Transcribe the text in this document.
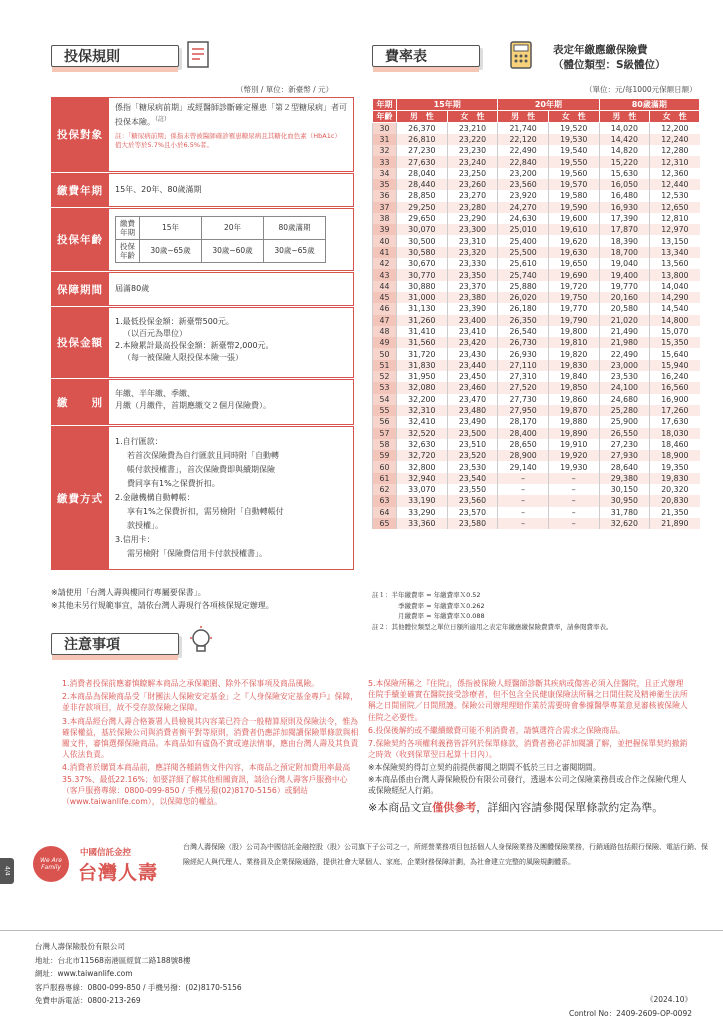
投保規則
（幣別 / 單位：新臺幣 / 元）
費率表	表定年繳應繳保險費
（體位類型：S級體位）
（單位：元/每1000元保額日額）
投保對象
係指「糖尿病前期」或經醫師診斷確定罹患「第２型糖尿病」者可投保本險。$^{(註)}$
註：「糖尿病前期」係指未曾被醫師確診罹患糖尿病且其糖化血色素（HbA1c）值大於等於5.7%且小於6.5%者。
繳費年期	15年、20年、80歲滿期
投保年齡
繳費年期	15年	20年	80歲滿期
投保年齡	30歲~65歲	30歲~60歲	30歲~65歲
保障期間	屆滿80歲
投保金額
1.最低投保金額：新臺幣500元。
（以百元為單位）
2.本險累計最高投保金額：新臺幣2,000元。
（每一被保險人限投保本險一張）
繳　　別
年繳、半年繳、季繳、
月繳（月繳件，首期應繳交２個月保險費）。
繳費方式
1.自行匯款：
若首次保險費為自行匯款且同時附「自動轉
帳付款授權書」，首次保險費即與續期保險
費同享有1%之保費折扣。
2.金融機構自動轉帳：
享有1%之保費折扣，需另檢附「自動轉帳付
款授權」。
3.信用卡：
需另檢附「保險費信用卡付款授權書」。
※請使用「台灣人壽與樓同行專屬要保書」。
※其他未另行規範事宜，請依台灣人壽現行各項核保規定辦理。
年期	15年期		20年期		80歲滿期	
年齡	男　性	女　性	男　性	女　性	男　性	女　性
30	26,370	23,210	21,740	19,520	14,020	12,200
31	26,810	23,220	22,120	19,530	14,420	12,240
32	27,230	23,230	22,490	19,540	14,820	12,280
33	27,630	23,240	22,840	19,550	15,220	12,310
34	28,040	23,250	23,200	19,560	15,630	12,360
35	28,440	23,260	23,560	19,570	16,050	12,440
36	28,850	23,270	23,920	19,580	16,480	12,530
37	29,250	23,280	24,270	19,590	16,930	12,650
38	29,650	23,290	24,630	19,600	17,390	12,810
39	30,070	23,300	25,010	19,610	17,870	12,970
40	30,500	23,310	25,400	19,620	18,390	13,150
41	30,580	23,320	25,500	19,630	18,700	13,340
42	30,670	23,330	25,610	19,650	19,040	13,560
43	30,770	23,350	25,740	19,690	19,400	13,800
44	30,880	23,370	25,880	19,720	19,770	14,040
45	31,000	23,380	26,020	19,750	20,160	14,290
46	31,130	23,390	26,180	19,770	20,580	14,540
47	31,260	23,400	26,350	19,790	21,020	14,800
48	31,410	23,410	26,540	19,800	21,490	15,070
49	31,560	23,420	26,730	19,810	21,980	15,350
50	31,720	23,430	26,930	19,820	22,490	15,640
51	31,830	23,440	27,110	19,830	23,000	15,940
52	31,950	23,450	27,310	19,840	23,530	16,240
53	32,080	23,460	27,520	19,850	24,100	16,560
54	32,200	23,470	27,730	19,860	24,680	16,900
55	32,310	23,480	27,950	19,870	25,280	17,260
56	32,410	23,490	28,170	19,880	25,900	17,630
57	32,520	23,500	28,400	19,890	26,550	18,030
58	32,630	23,510	28,650	19,910	27,230	18,460
59	32,720	23,520	28,900	19,920	27,930	18,900
60	32,800	23,530	29,140	19,930	28,640	19,350
61	32,940	23,540	–	–	29,380	19,830
62	33,070	23,550	–	–	30,150	20,320
63	33,190	23,560	–	–	30,950	20,830
64	33,290	23,570	–	–	31,780	21,350
65	33,360	23,580	–	–	32,620	21,890
註１：半年繳費率 = 年繳費率Ｘ0.52
季繳費率 = 年繳費率Ｘ0.262
月繳費率 = 年繳費率Ｘ0.088
註２：其他體位類型之單位日額所適用之表定年繳應繳保險費費率，請參閱費率表。
注意事項

1.消費者投保前應審慎瞭解本商品之承保範圍、除外不保事項及商品風險。

2.本商品為保險商品受「財團法人保險安定基金」之『人身保險安定基金專戶』保障，並非存款項目，故不受存款保險之保障。

3.本商品經台灣人壽合格簽署人員檢視其內容業已符合一般精算原則及保險法令，惟為確保權益，基於保險公司與消費者衡平對等原則，消費者仍應詳加閱讀保險單條款與相關文件，審慎選擇保險商品。本商品如有虛偽不實或違法情事，應由台灣人壽及其負責人依法負責。

4.消費者於購買本商品前，應詳閱各種銷售文件內容，本商品之預定附加費用率最高35.37%、最低22.16%；如要詳細了解其他相關資訊，請洽台灣人壽客戶服務中心（客戶服務專線：0800-099-850 / 手機另撥(02)8170-5156）或網站（www.taiwanlife.com），以保障您的權益。

5.本保險所稱之『住院』，係指被保險人經醫師診斷其疾病或傷害必須入住醫院，且正式辦理住院手續並確實在醫院接受診療者，但不包含全民健康保險法所稱之日間住院及精神衛生法所稱之日間留院／日間照護。保險公司辦理理賠作業於需要時會參據醫學專業意見審核被保險人住院之必要性。

6.投保後解約或不繼續繳費可能不利消費者，請慎選符合需求之保險商品。

7.保險契約各項權利義務皆詳列於保單條款，消費者務必詳加閱讀了解，並把握保單契約撤銷之時效（收到保單翌日起算十日內）。

※本保險契約得訂立契約前提供審閱之期間不低於三日之審閱期間。

※本商品係由台灣人壽保險股份有限公司發行，透過本公司之保險業務員或合作之保險代理人或保險經紀人行銷。

※本商品文宣僅供參考，詳細內容請參閱保單條款約定為準。

4/4
We Are Family
中國信託金控
台灣人壽
台灣人壽保險（股）公司為中國信託金融控股（股）公司旗下子公司之一，所經營業務項目包括個人人身保險業務及團體保險業務，行銷通路包括銀行保險、電話行銷、保險經紀人與代理人、業務員及企業保險通路，提供社會大眾個人、家庭、企業財務保障計劃，為社會建立完整的風險規劃體系。
台灣人壽保險股份有限公司
地址：台北市11568南港區經貿二路188號8樓
網址：www.taiwanlife.com
客戶服務專線：0800-099-850 / 手機另撥：(02)8170-5156
免費申訴電話：0800-213-269	《2024.10》
Control No：2409-2609-OP-0092
